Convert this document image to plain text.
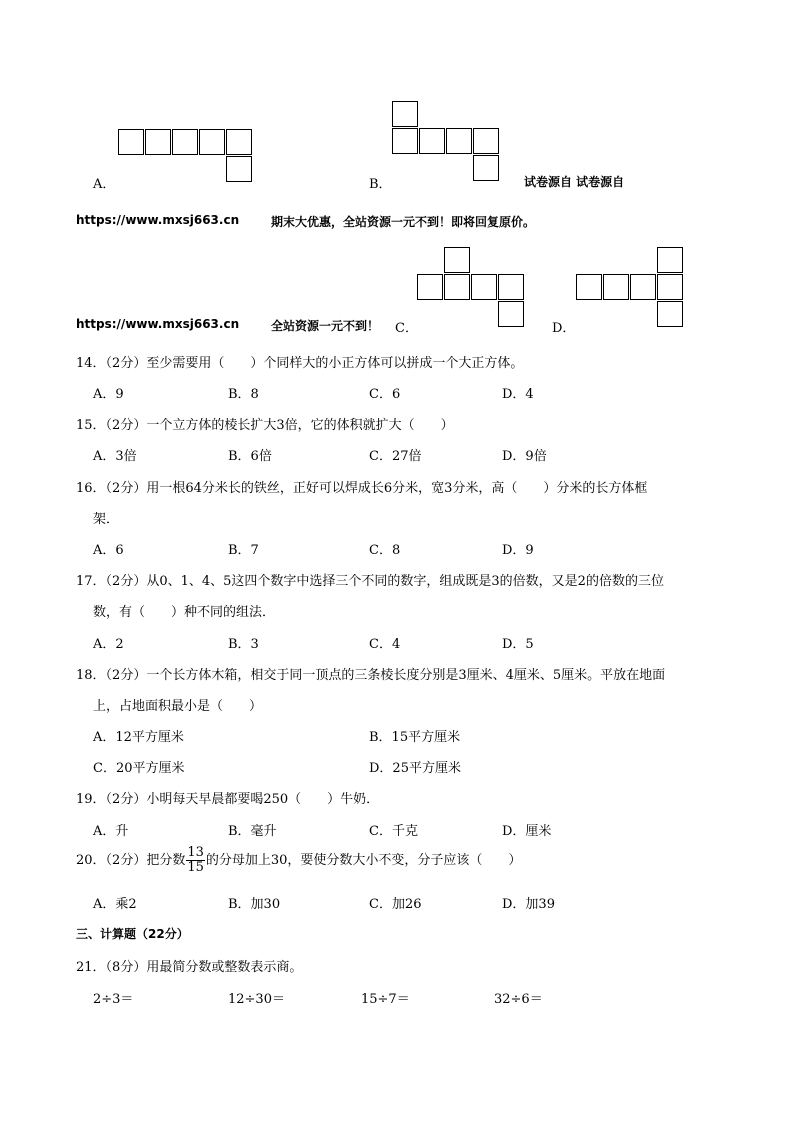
A．	B．	试卷源自 试卷源自
https://www.mxsj663.cn	期末大优惠，全站资源一元不到！即将回复原价。
https://www.mxsj663.cn	全站资源一元不到！ C．	D．
14．（2分）至少需要用（　　）个同样大的小正方体可以拼成一个大正方体。
A．9	B．8	C．6	D．4
15．（2分）一个立方体的棱长扩大3倍，它的体积就扩大（　　）
A．3倍	B．6倍	C．27倍	D．9倍
16．（2分）用一根64分米长的铁丝，正好可以焊成长6分米，宽3分米，高（　　）分米的长方体框
架．
A．6	B．7	C．8	D．9
17．（2分）从0、1、4、5这四个数字中选择三个不同的数字，组成既是3的倍数，又是2的倍数的三位
数，有（　　）种不同的组法．
A．2	B．3	C．4	D．5
18．（2分）一个长方体木箱，相交于同一顶点的三条棱长度分别是3厘米、4厘米、5厘米。平放在地面
上，占地面积最小是（　　）
A．12平方厘米	B．15平方厘米
C．20平方厘米	D．25平方厘米
19．（2分）小明每天早晨都要喝250（　　）牛奶．
A．升	B．毫升	C．千克	D．厘米
20．（2分）把分数 $\frac{13}{15}$ 的分母加上30，要使分数大小不变，分子应该（　　）
A．乘2	B．加30	C．加26	D．加39
三、计算题（22分）
21．（8分）用最简分数或整数表示商。
2÷3＝	12÷30＝	15÷7＝	32÷6＝
